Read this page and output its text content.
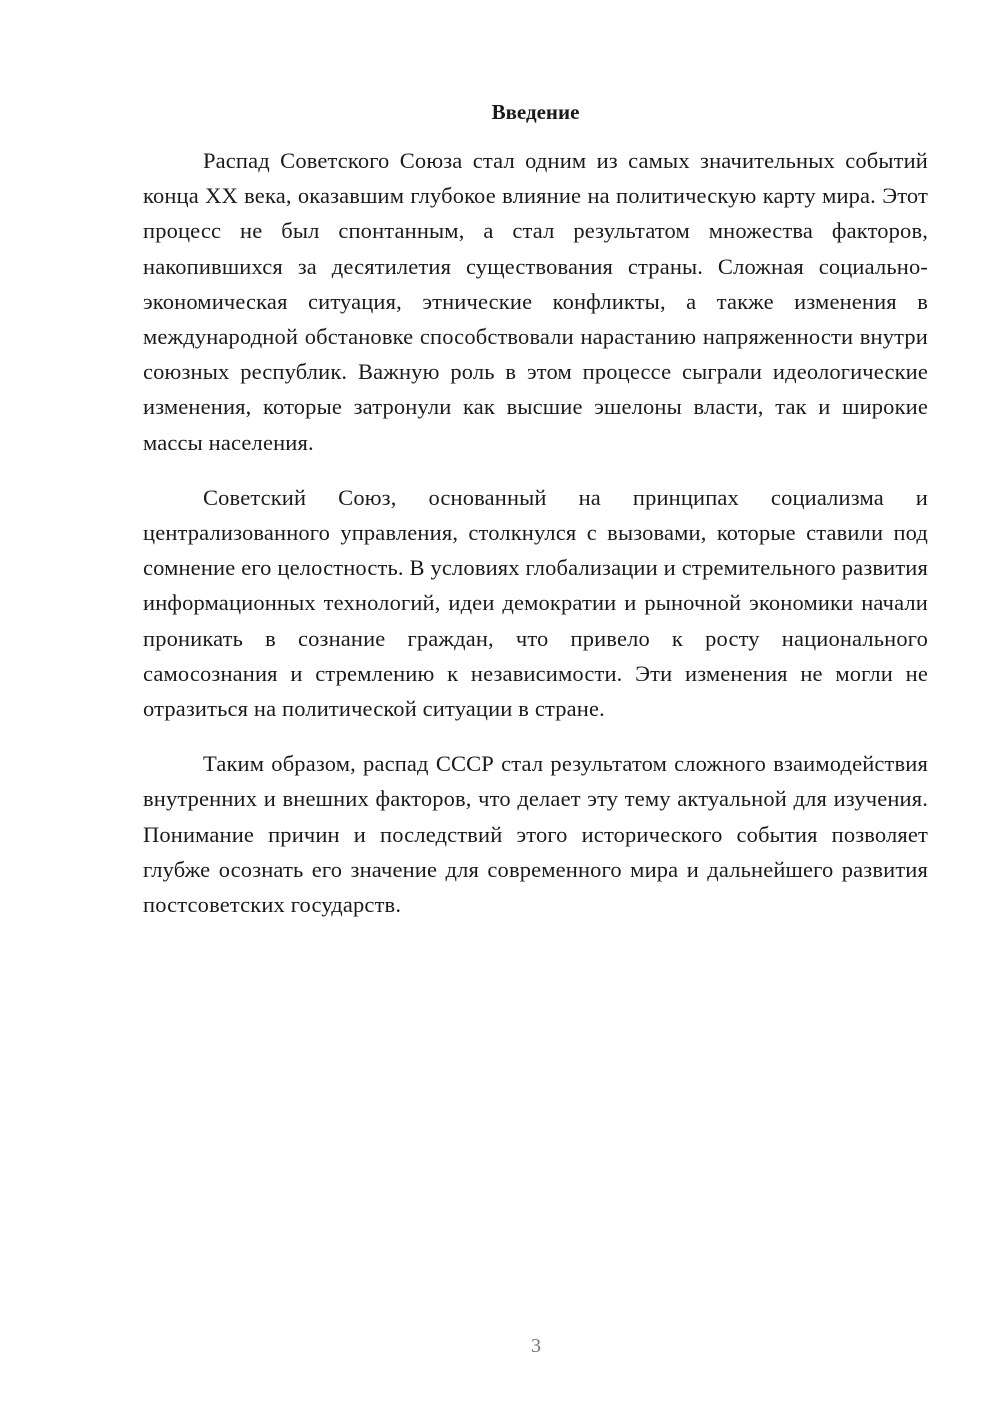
Введение

Распад Советского Союза стал одним из самых значительных событий конца XX века, оказавшим глубокое влияние на политическую карту мира. Этот процесс не был спонтанным, а стал результатом множества факторов, накопившихся за десятилетия существования страны. Сложная социально-экономическая ситуация, этнические конфликты, а также изменения в международной обстановке способствовали нарастанию напряженности внутри союзных республик. Важную роль в этом процессе сыграли идеологические изменения, которые затронули как высшие эшелоны власти, так и широкие массы населения.

Советский Союз, основанный на принципах социализма и централизованного управления, столкнулся с вызовами, которые ставили под сомнение его целостность. В условиях глобализации и стремительного развития информационных технологий, идеи демократии и рыночной экономики начали проникать в сознание граждан, что привело к росту национального самосознания и стремлению к независимости. Эти изменения не могли не отразиться на политической ситуации в стране.

Таким образом, распад СССР стал результатом сложного взаимодействия внутренних и внешних факторов, что делает эту тему актуальной для изучения. Понимание причин и последствий этого исторического события позволяет глубже осознать его значение для современного мира и дальнейшего развития постсоветских государств.

3
